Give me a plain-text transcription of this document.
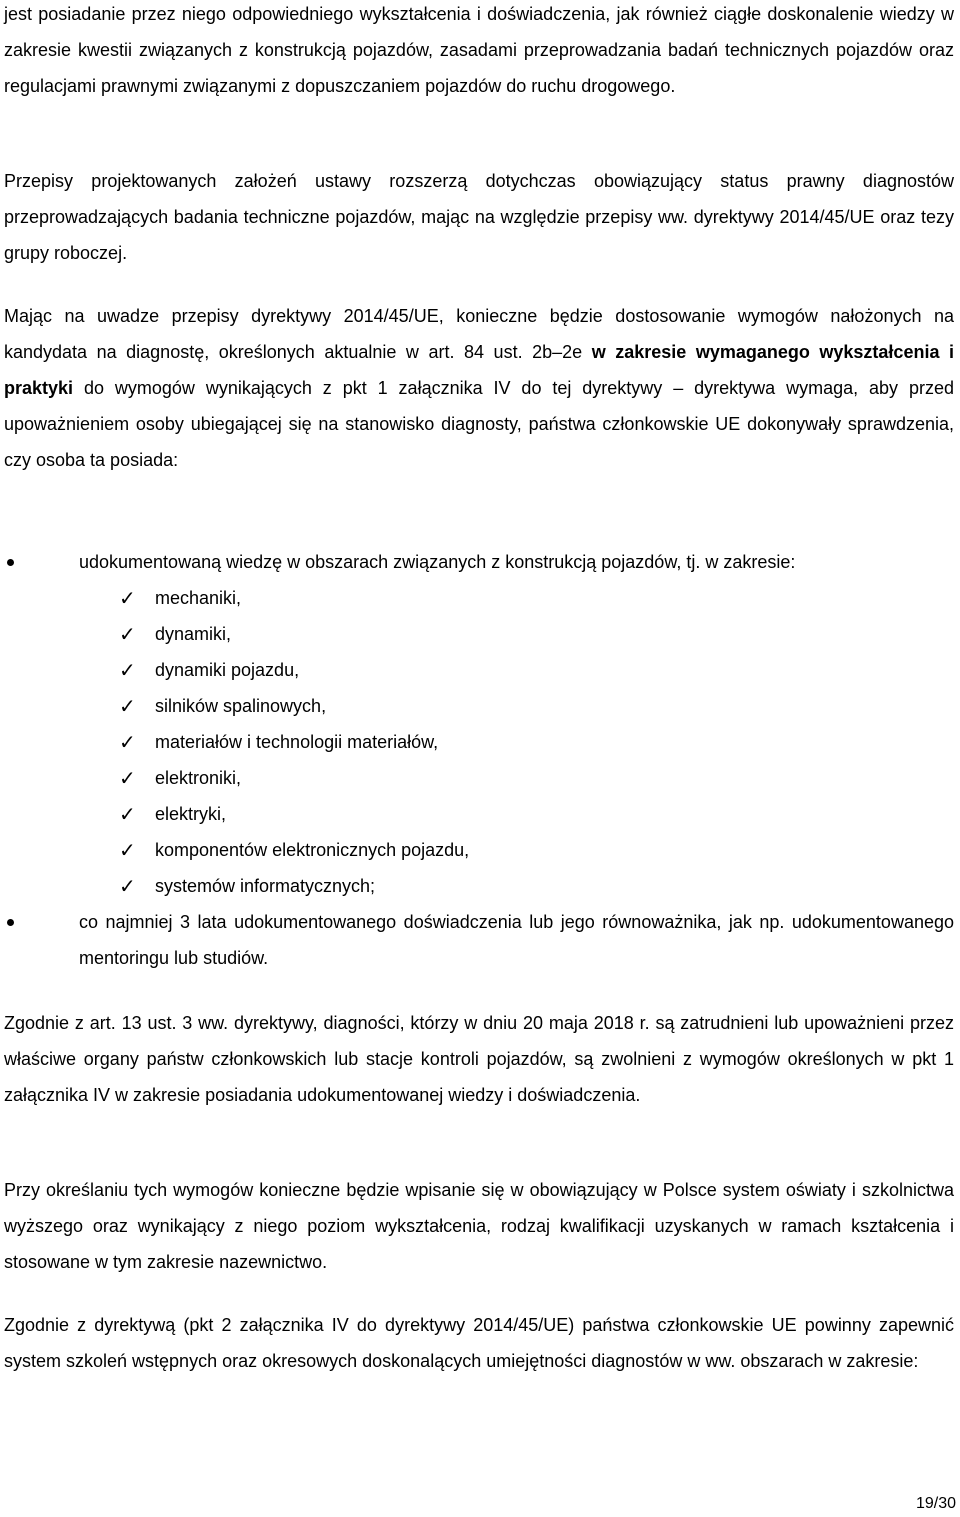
jest posiadanie przez niego odpowiedniego wykształcenia i doświadczenia, jak również ciągłe doskonalenie wiedzy w zakresie kwestii związanych z konstrukcją pojazdów, zasadami przeprowadzania badań technicznych pojazdów oraz regulacjami prawnymi związanymi z dopuszczaniem pojazdów do ruchu drogowego.

Przepisy projektowanych założeń ustawy rozszerzą dotychczas obowiązujący status prawny diagnostów przeprowadzających badania techniczne pojazdów, mając na względzie przepisy ww. dyrektywy 2014/45/UE oraz tezy grupy roboczej.

Mając na uwadze przepisy dyrektywy 2014/45/UE, konieczne będzie dostosowanie wymogów nałożonych na kandydata na diagnostę, określonych aktualnie w art. 84 ust. 2b–2e w zakresie wymaganego wykształcenia i praktyki do wymogów wynikających z pkt 1 załącznika IV do tej dyrektywy – dyrektywa wymaga, aby przed upoważnieniem osoby ubiegającej się na stanowisko diagnosty, państwa członkowskie UE dokonywały sprawdzenia, czy osoba ta posiada:

udokumentowaną wiedzę w obszarach związanych z konstrukcją pojazdów, tj. w zakresie:
✓ mechaniki,
✓ dynamiki,
✓ dynamiki pojazdu,
✓ silników spalinowych,
✓ materiałów i technologii materiałów,
✓ elektroniki,
✓ elektryki,
✓ komponentów elektronicznych pojazdu,
✓ systemów informatycznych;
co najmniej 3 lata udokumentowanego doświadczenia lub jego równoważnika, jak np. udokumentowanego mentoringu lub studiów.

Zgodnie z art. 13 ust. 3 ww. dyrektywy, diagności, którzy w dniu 20 maja 2018 r. są zatrudnieni lub upoważnieni przez właściwe organy państw członkowskich lub stacje kontroli pojazdów, są zwolnieni z wymogów określonych w pkt 1 załącznika IV w zakresie posiadania udokumentowanej wiedzy i doświadczenia.

Przy określaniu tych wymogów konieczne będzie wpisanie się w obowiązujący w Polsce system oświaty i szkolnictwa wyższego oraz wynikający z niego poziom wykształcenia, rodzaj kwalifikacji uzyskanych w ramach kształcenia i stosowane w tym zakresie nazewnictwo.

Zgodnie z dyrektywą (pkt 2 załącznika IV do dyrektywy 2014/45/UE) państwa członkowskie UE powinny zapewnić system szkoleń wstępnych oraz okresowych doskonalących umiejętności diagnostów w ww. obszarach w zakresie:

19/30
